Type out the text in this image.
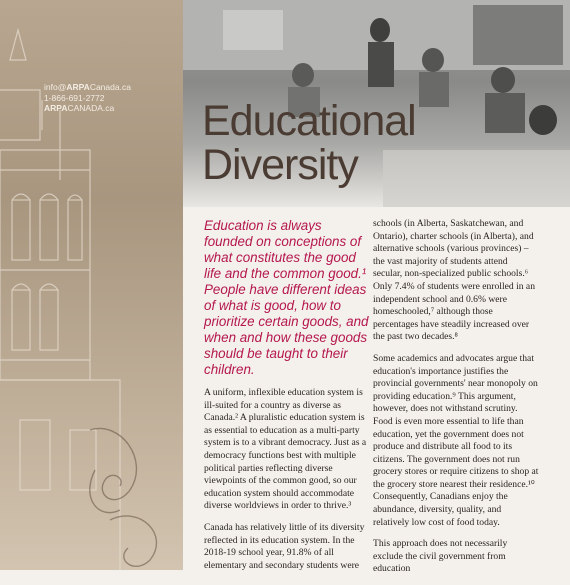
info@ARPACanada.ca
1-866-691-2772
ARPACANADA.ca	Educational
Diversity

Education is always founded on conceptions of what constitutes the good life and the common good.¹ People have different ideas of what is good, how to prioritize certain goods, and when and how these goods should be taught to their children.

A uniform, inflexible education system is ill-suited for a country as diverse as Canada.² A pluralistic education system is as essential to education as a multi-party system is to a vibrant democracy. Just as a democracy functions best with multiple political parties reflecting diverse viewpoints of the common good, so our education system should accommodate diverse worldviews in order to thrive.³

Canada has relatively little of its diversity reflected in its education system. In the 2018-19 school year, 91.8% of all elementary and secondary students were

schools (in Alberta, Saskatchewan, and Ontario), charter schools (in Alberta), and alternative schools (various provinces) – the vast majority of students attend secular, non-specialized public schools.⁶ Only 7.4% of students were enrolled in an independent school and 0.6% were homeschooled,⁷ although those percentages have steadily increased over the past two decades.⁸

Some academics and advocates argue that education's importance justifies the provincial governments' near monopoly on providing education.⁹ This argument, however, does not withstand scrutiny. Food is even more essential to life than education, yet the government does not produce and distribute all food to its citizens. The government does not run grocery stores or require citizens to shop at the grocery store nearest their residence.¹⁰ Consequently, Canadians enjoy the abundance, diversity, quality, and relatively low cost of food today.

This approach does not necessarily exclude the civil government from education
